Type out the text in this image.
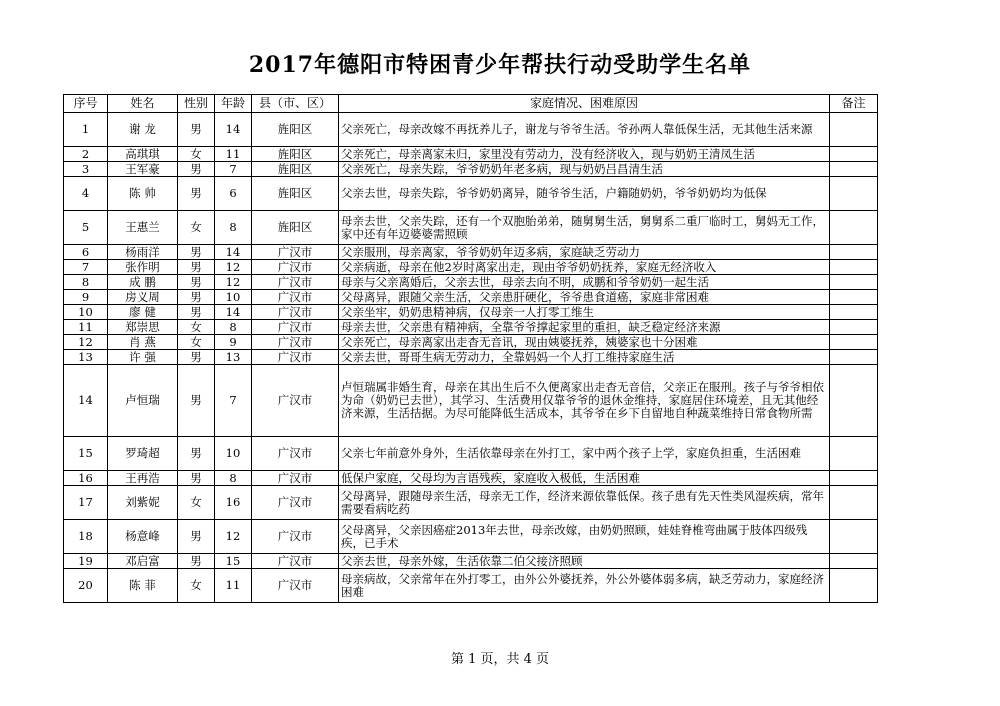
2017年德阳市特困青少年帮扶行动受助学生名单
序号	姓名	性别	年龄	县（市、区）	家庭情况、困难原因	备注
1	谢 龙	男	14	旌阳区	父亲死亡，母亲改嫁不再抚养儿子，谢龙与爷爷生活。爷孙两人靠低保生活，无其他生活来源	
2	高琪琪	女	11	旌阳区	父亲死亡，母亲离家未归，家里没有劳动力，没有经济收入，现与奶奶王清凤生活	
3	王军豪	男	7	旌阳区	父亲死亡，母亲失踪，爷爷奶奶年老多病，现与奶奶吕昌清生活	
4	陈 帅	男	6	旌阳区	父亲去世，母亲失踪，爷爷奶奶离异，随爷爷生活，户籍随奶奶，爷爷奶奶均为低保	
5	王惠兰	女	8	旌阳区	母亲去世，父亲失踪，还有一个双胞胎弟弟，随舅舅生活，舅舅系二重厂临时工，舅妈无工作，家中还有年迈婆婆需照顾	
6	杨雨洋	男	14	广汉市	父亲服刑，母亲离家，爷爷奶奶年迈多病，家庭缺乏劳动力	
7	张作明	男	12	广汉市	父亲病逝，母亲在他2岁时离家出走，现由爷爷奶奶抚养，家庭无经济收入	
8	成 鹏	男	12	广汉市	母亲与父亲离婚后，父亲去世，母亲去向不明，成鹏和爷爷奶奶一起生活	
9	房义周	男	10	广汉市	父母离异，跟随父亲生活，父亲患肝硬化，爷爷患食道癌，家庭非常困难	
10	廖 健	男	14	广汉市	父亲坐牢，奶奶患精神病，仅母亲一人打零工维生	
11	郑崇思	女	8	广汉市	母亲去世，父亲患有精神病，全靠爷爷撑起家里的重担，缺乏稳定经济来源	
12	肖 燕	女	9	广汉市	父亲死亡，母亲离家出走杳无音讯，现由姨婆抚养，姨婆家也十分困难	
13	许 强	男	13	广汉市	父亲去世，哥哥生病无劳动力，全靠妈妈一个人打工维持家庭生活	
14	卢恒瑞	男	7	广汉市	卢恒瑞属非婚生育，母亲在其出生后不久便离家出走杳无音信，父亲正在服刑。孩子与爷爷相依为命（奶奶已去世），其学习、生活费用仅靠爷爷的退休金维持，家庭居住环境差，且无其他经济来源，生活拮据。为尽可能降低生活成本，其爷爷在乡下自留地自种蔬菜维持日常食物所需	
15	罗琦超	男	10	广汉市	父亲七年前意外身外，生活依靠母亲在外打工，家中两个孩子上学，家庭负担重，生活困难	
16	王再浩	男	8	广汉市	低保户家庭，父母均为言语残疾，家庭收入极低，生活困难	
17	刘紫妮	女	16	广汉市	父母离异，跟随母亲生活，母亲无工作，经济来源依靠低保。孩子患有先天性类风湿疾病，常年需要看病吃药	
18	杨意峰	男	12	广汉市	父母离异，父亲因癌症2013年去世，母亲改嫁，由奶奶照顾，娃娃脊椎弯曲属于肢体四级残疾，已手术	
19	邓启富	男	15	广汉市	父亲去世，母亲外嫁，生活依靠二伯父接济照顾	
20	陈 菲	女	11	广汉市	母亲病故，父亲常年在外打零工，由外公外婆抚养，外公外婆体弱多病，缺乏劳动力，家庭经济困难	
第 1 页，共 4 页
